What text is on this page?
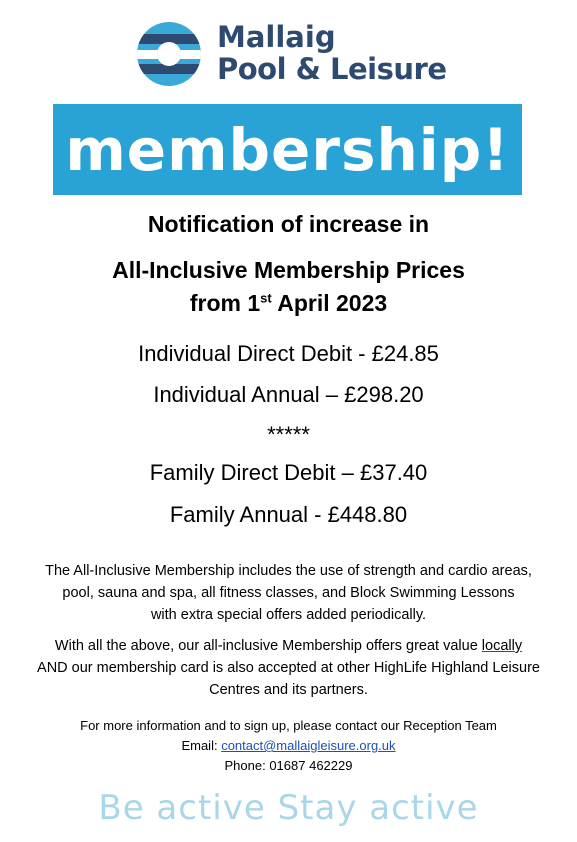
Mallaig
Pool & Leisure
membership!
Notification of increase in
All-Inclusive Membership Prices
from 1st April 2023
Individual Direct Debit - £24.85
Individual Annual – £298.20
*****
Family Direct Debit – £37.40
Family Annual - £448.80
The All-Inclusive Membership includes the use of strength and cardio areas,
pool, sauna and spa, all fitness classes, and Block Swimming Lessons
with extra special offers added periodically.
With all the above, our all-inclusive Membership offers great value locally
AND our membership card is also accepted at other HighLife Highland Leisure
Centres and its partners.
For more information and to sign up, please contact our Reception Team
Email: contact@mallaigleisure.org.uk
Phone: 01687 462229
Be active Stay active
